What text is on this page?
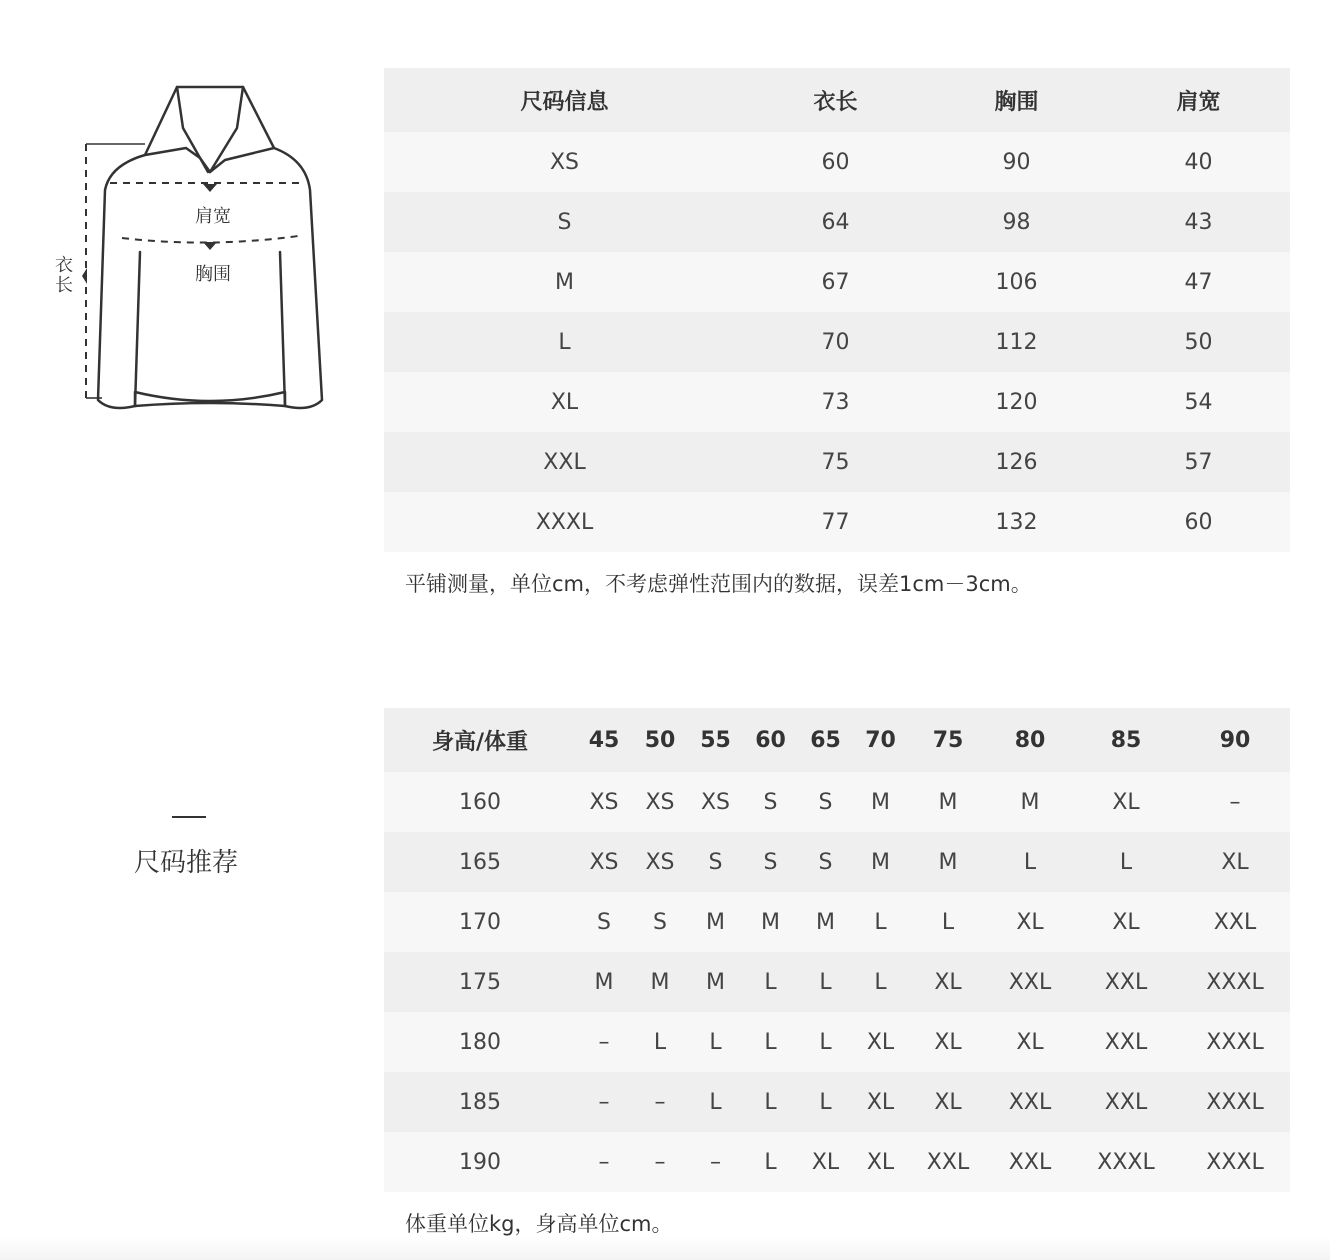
肩宽
胸围
衣长
尺码信息	衣长	胸围	肩宽
XS	60	90	40
S	64	98	43
M	67	106	47
L	70	112	50
XL	73	120	54
XXL	75	126	57
XXXL	77	132	60
平铺测量，单位cm，不考虑弹性范围内的数据，误差1cm－3cm。
尺码推荐
身高/体重	45	50	55	60	65	70	75	80	85	90
160	XS	XS	XS	S	S	M	M	M	XL	–
165	XS	XS	S	S	S	M	M	L	L	XL
170	S	S	M	M	M	L	L	XL	XL	XXL
175	M	M	M	L	L	L	XL	XXL	XXL	XXXL
180	–	L	L	L	L	XL	XL	XL	XXL	XXXL
185	–	–	L	L	L	XL	XL	XXL	XXL	XXXL
190	–	–	–	L	XL	XL	XXL	XXL	XXXL	XXXL
体重单位kg，身高单位cm。
